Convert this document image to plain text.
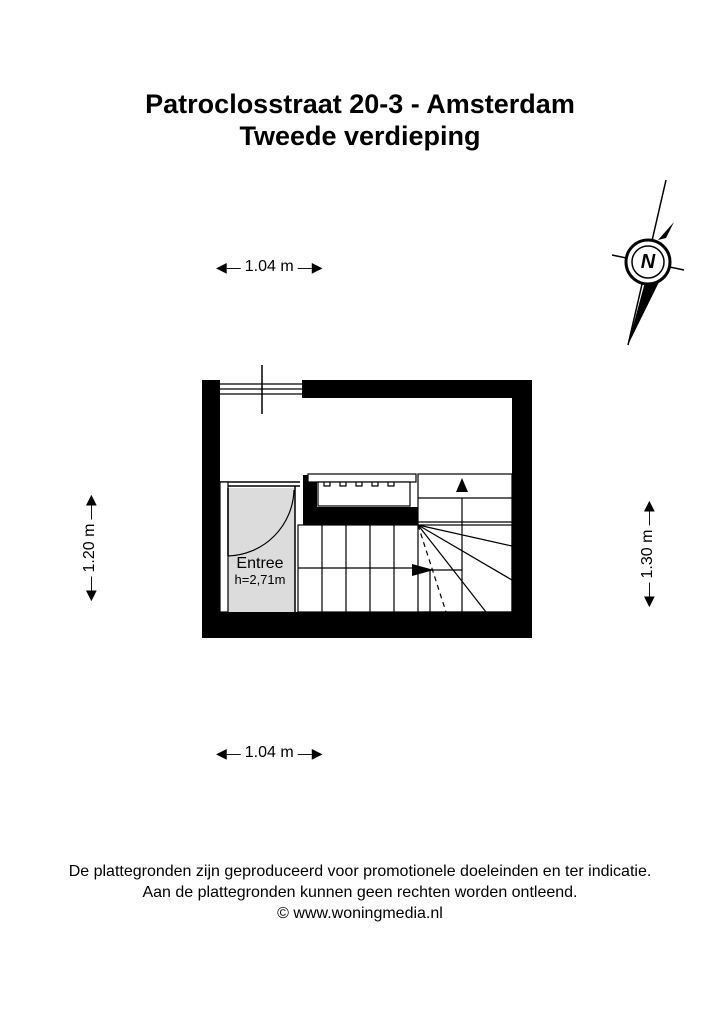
Patroclosstraat 20-3 - Amsterdam
Tweede verdieping
◀— 1.04 m —▶
◀— 1.04 m —▶
◀—
1.20 m
—▶
◀—
1.30 m
—▶
N
Entree
h=2,71m
De plattegronden zijn geproduceerd voor promotionele doeleinden en ter indicatie.
Aan de plattegronden kunnen geen rechten worden ontleend.
© www.woningmedia.nl
